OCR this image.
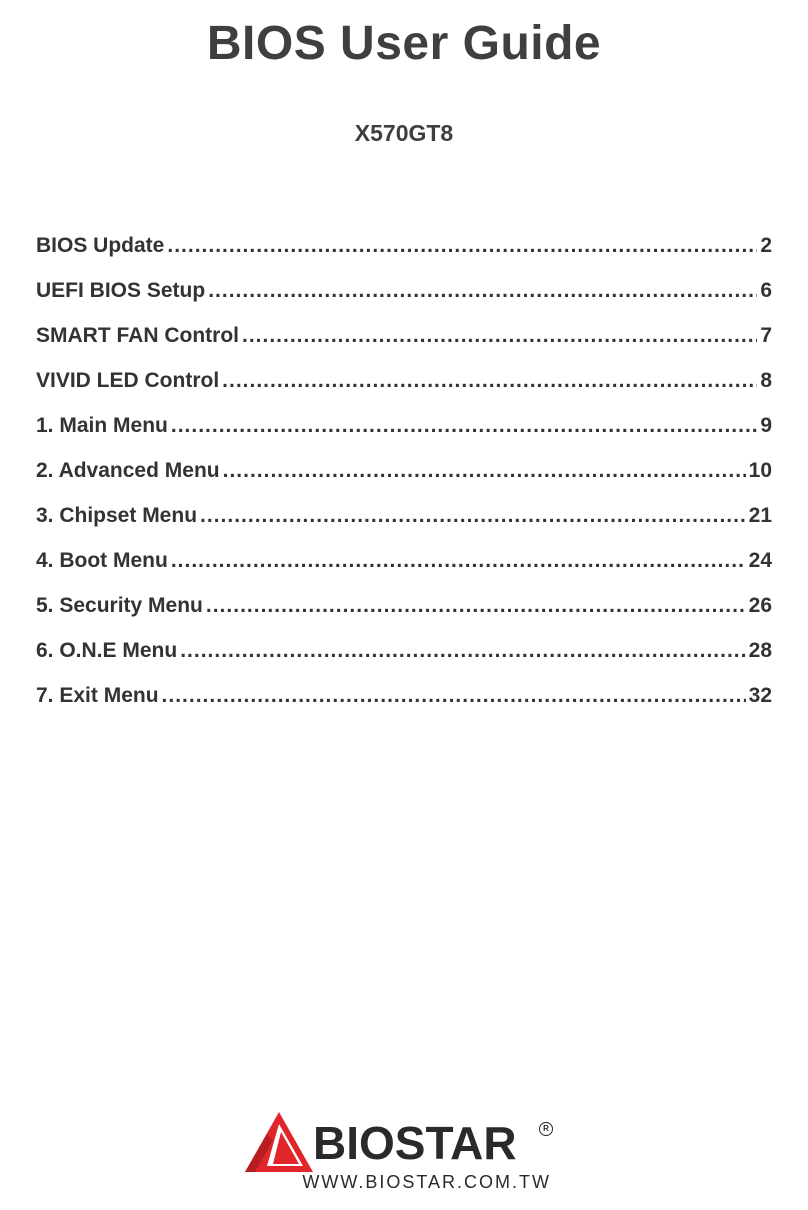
BIOS User Guide
X570GT8
BIOS Update .....	2
UEFI BIOS Setup .....	6
SMART FAN Control .....	7
VIVID LED Control .....	8
1. Main Menu .....	9
2. Advanced Menu .....	10
3. Chipset Menu .....	21
4. Boot Menu .....	24
5. Security Menu .....	26
6. O.N.E Menu .....	28
7. Exit Menu .....	32
BIOSTAR	R
WWW.BIOSTAR.COM.TW
